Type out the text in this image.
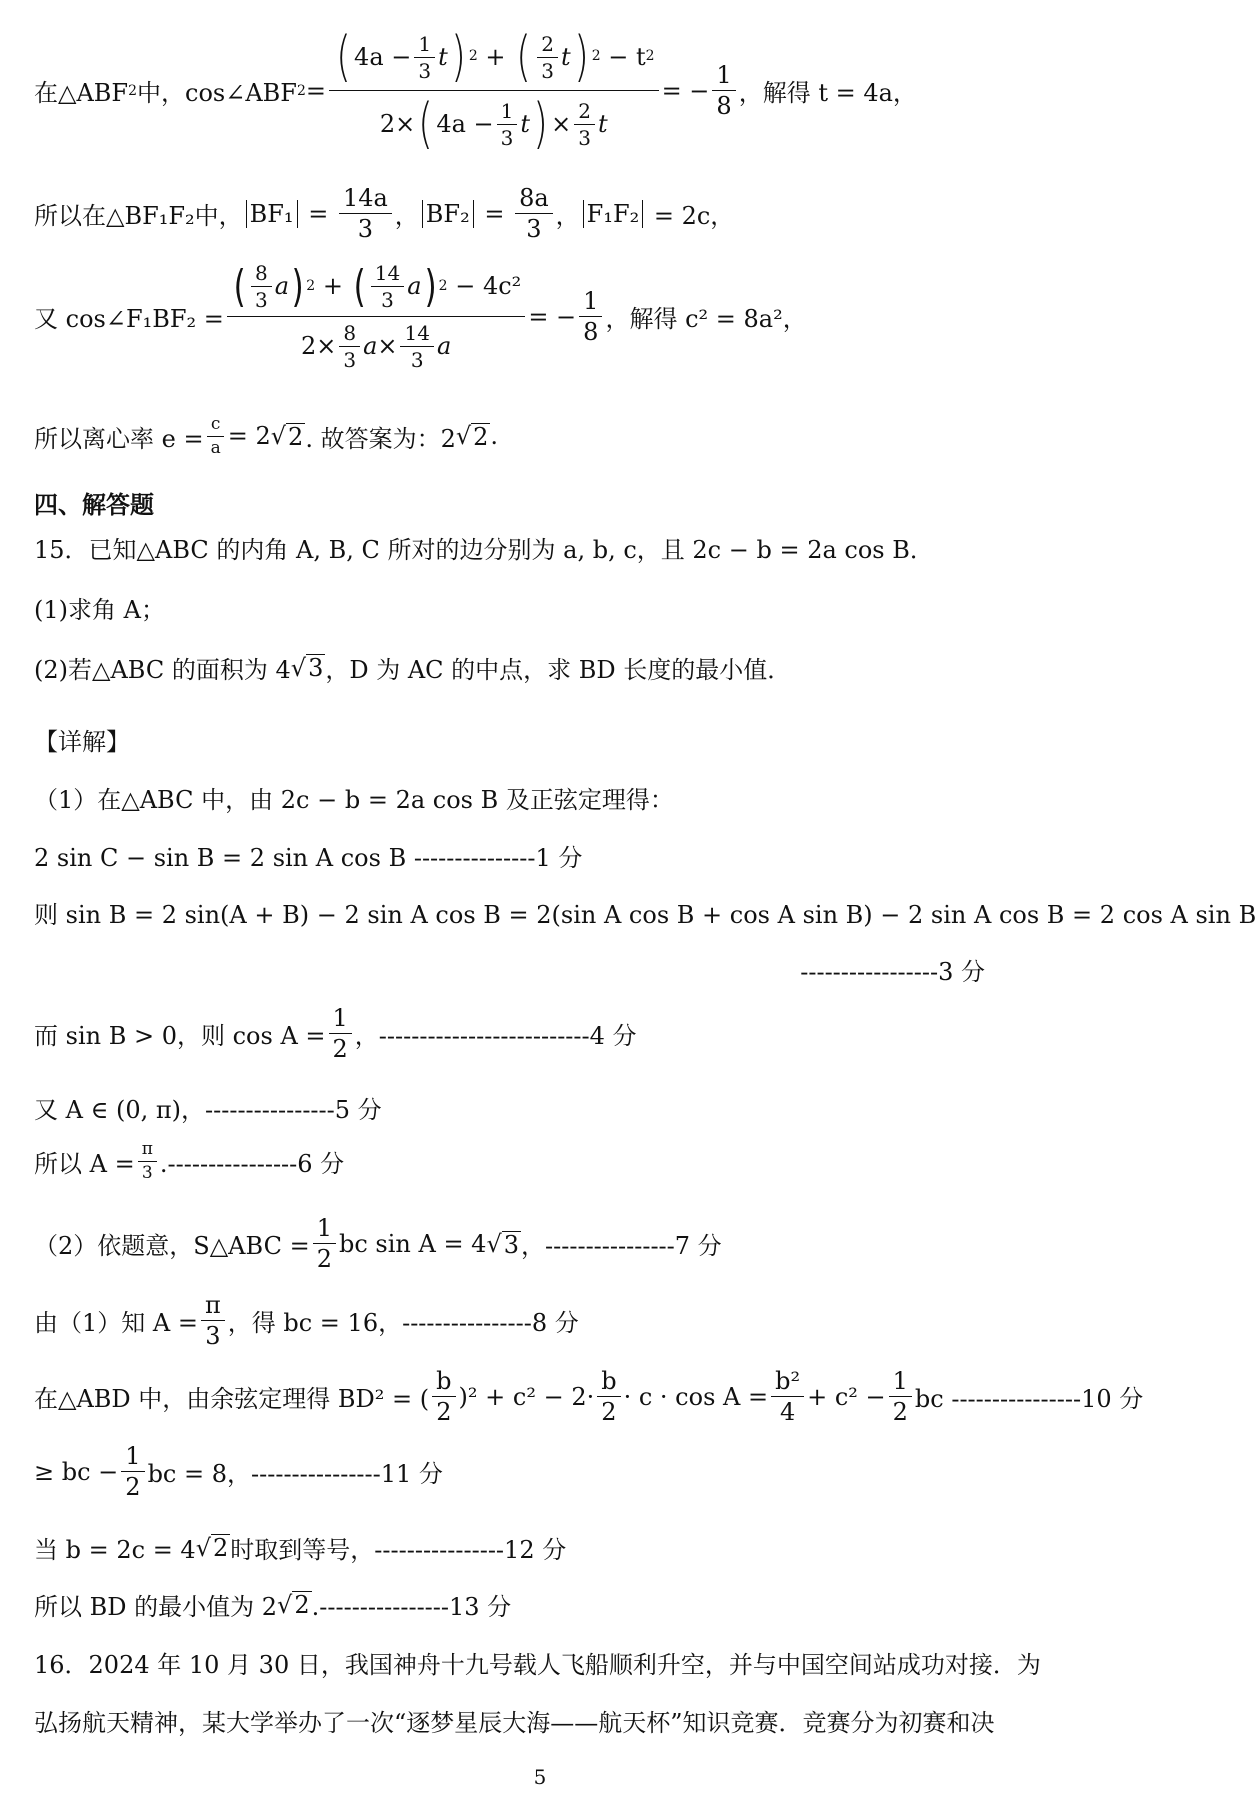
在△ABF 2 中，cos∠ABF 2 =
( $4a - \frac{1}{3}$ t ) 2 + ( $\frac{2}{3}$ t ) 2
− t 2
2× ( $4a - \frac{1}{3}$ t ) × $\frac{2}{3}$ t
= − $\frac{1}{8}$ ，解得 t = 4a，
所以在△BF₁F₂中， $BF_1 = \frac{14a}{3}$ ， $BF_2 = \frac{8a}{3}$ ， F₁F₂
= 2c，
又 cos∠F₁BF₂ =
( $\frac{8}{3}$ a ) 2 + ( $\frac{14}{3}$ a ) 2
− 4c²
$2\times \frac{8}{3}$ $a \times \frac{14}{3}$ a
= − $\frac{1}{8}$ ，解得 c² = 8a²，
所以离心率 $e = \frac{c}{a} = 2$ √ 2 . 故答案为：2 √ 2 .
四、解答题
15．已知△ABC 的内角 A, B, C 所对的边分别为 a, b, c，且 2c − b = 2a cos B．
(1)求角 A；
(2)若△ABC 的面积为 4 √ 3 ，D 为 AC 的中点，求 BD 长度的最小值．
【详解】
（1）在△ABC 中，由 2c − b = 2a cos B 及正弦定理得：
2 sin C − sin B = 2 sin A cos B ---------------1 分
则 sin B = 2 sin(A + B) − 2 sin A cos B = 2(sin A cos B + cos A sin B) − 2 sin A cos B = 2 cos A sin B
-----------------3 分
而 sin B > 0，则 $\cos A = \frac{1}{2}$ ，--------------------------4 分
又 A ∈ (0, π)，----------------5 分
所以 $A = \frac{\pi}{3} .----------------6$ 分
（2）依题意，S△ABC = $\frac{1}{2}$ bc sin A = 4 √ 3 ，----------------7 分
由（1）知 $A = \frac{\pi}{3}$ ，得 bc = 16，----------------8 分
在△ABD 中，由余弦定理得 BD² = ( $\frac{b}{2} )^2 + c^2 - 2\cdot \frac{b}{2} \cdot c \cdot \cos A = \frac{\text{b²}}{4} + c^2 - \frac{1}{2}$ bc ----------------10 分
≥ bc − $\frac{1}{2}$ bc = 8，----------------11 分
当 b = 2c = 4 √ 2 时取到等号，----------------12 分
所以 BD 的最小值为 2 √ 2 .----------------13 分
16．2024 年 10 月 30 日，我国神舟十九号载人飞船顺利升空，并与中国空间站成功对接．为
弘扬航天精神，某大学举办了一次“逐梦星辰大海——航天杯”知识竞赛．竞赛分为初赛和决
5
